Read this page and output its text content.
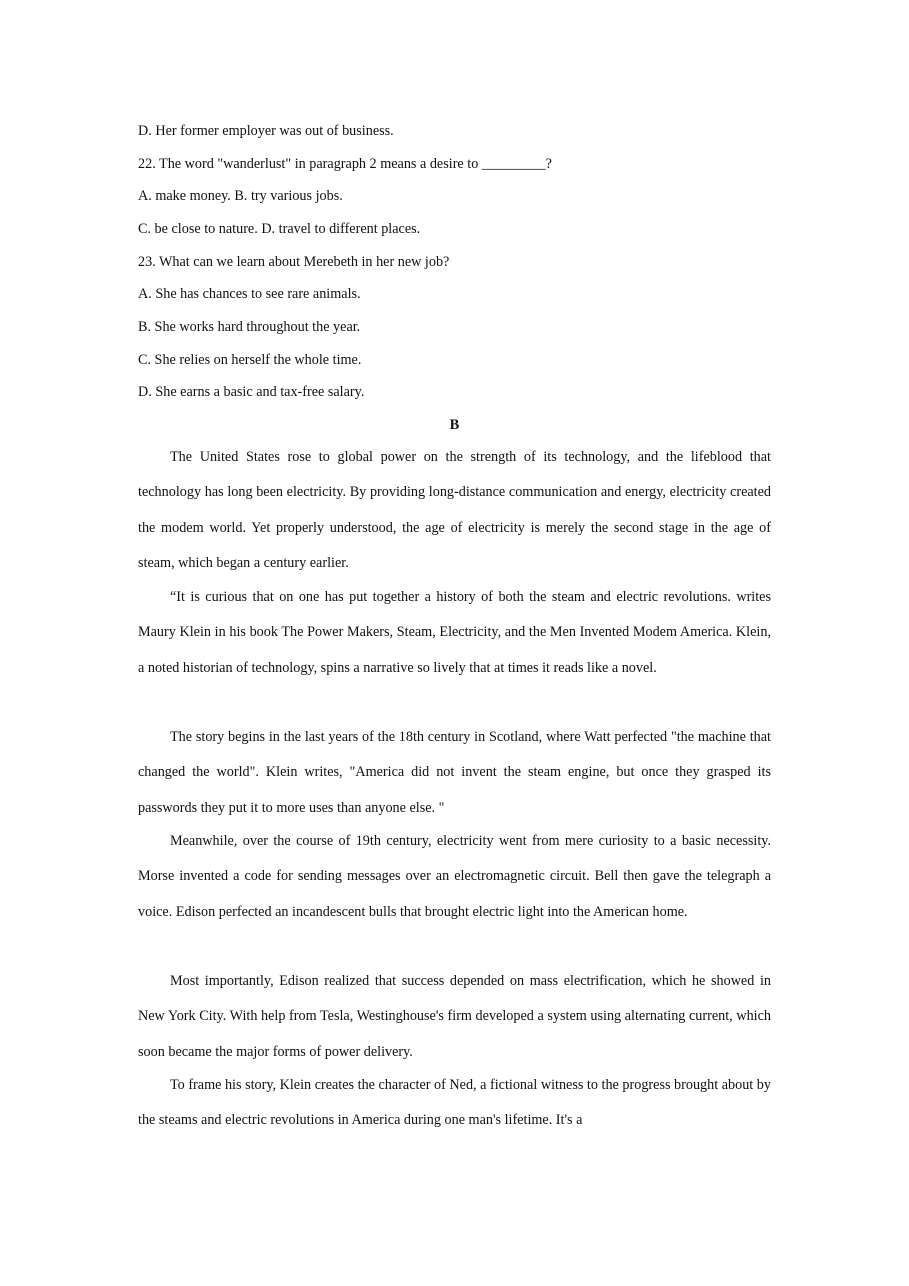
D. Her former employer was out of business.
22. The word "wanderlust" in paragraph 2 means a desire to _________?
A. make money. B. try various jobs.
C. be close to nature. D. travel to different places.
23. What can we learn about Merebeth in her new job?
A. She has chances to see rare animals.
B. She works hard throughout the year.
C. She relies on herself the whole time.
D. She earns a basic and tax-free salary.
B

The United States rose to global power on the strength of its technology, and the lifeblood that technology has long been electricity. By providing long-distance communication and energy, electricity created the modem world. Yet properly understood, the age of electricity is merely the second stage in the age of steam, which began a century earlier.

“It is curious that on one has put together a history of both the steam and electric revolutions. writes Maury Klein in his book The Power Makers, Steam, Electricity, and the Men Invented Modem America. Klein, a noted historian of technology, spins a narrative so lively that at times it reads like a novel.

The story begins in the last years of the 18th century in Scotland, where Watt perfected "the machine that changed the world". Klein writes, "America did not invent the steam engine, but once they grasped its passwords they put it to more uses than anyone else. "

Meanwhile, over the course of 19th century, electricity went from mere curiosity to a basic necessity. Morse invented a code for sending messages over an electromagnetic circuit. Bell then gave the telegraph a voice. Edison perfected an incandescent bulls that brought electric light into the American home.

Most importantly, Edison realized that success depended on mass electrification, which he showed in New York City. With help from Tesla, Westinghouse's firm developed a system using alternating current, which soon became the major forms of power delivery.

To frame his story, Klein creates the character of Ned, a fictional witness to the progress brought about by the steams and electric revolutions in America during one man's lifetime. It's a
